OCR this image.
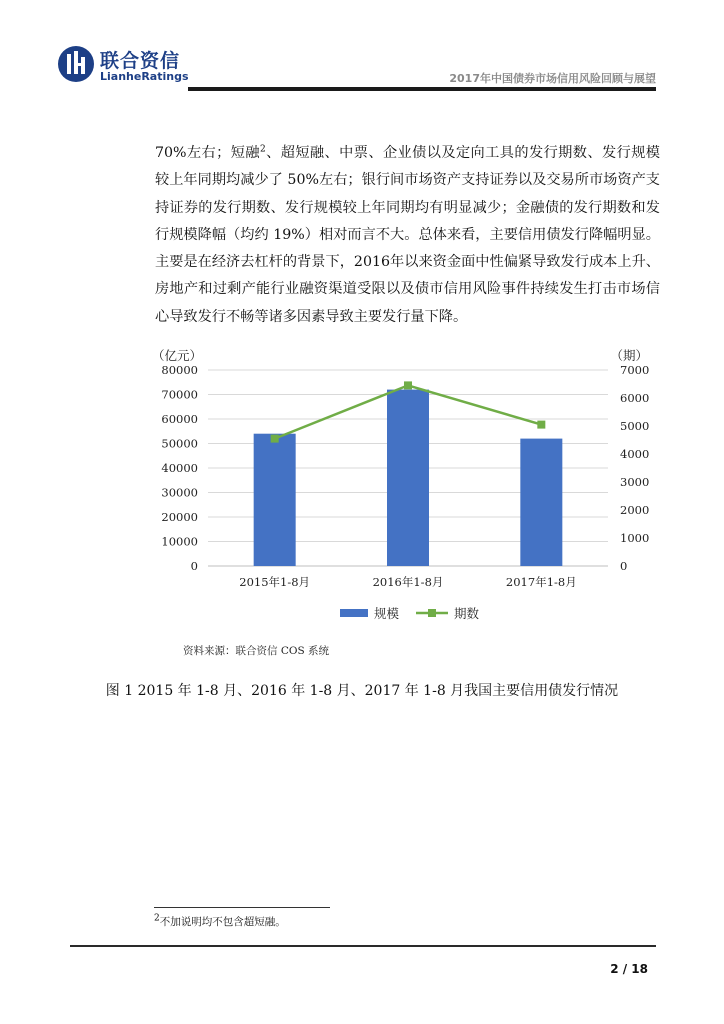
联合资信
LianheRatings	2017年中国债券市场信用风险回顾与展望

70%左右；短融$^2$、超短融、中票、企业债以及定向工具的发行期数、发行规模较上年同期均减少了 50%左右；银行间市场资产支持证券以及交易所市场资产支持证券的发行期数、发行规模较上年同期均有明显减少；金融债的发行期数和发行规模降幅（均约 19%）相对而言不大。总体来看，主要信用债发行降幅明显。主要是在经济去杠杆的背景下，2016年以来资金面中性偏紧导致发行成本上升、房地产和过剩产能行业融资渠道受限以及债市信用风险事件持续发生打击市场信心导致发行不畅等诸多因素导致主要发行量下降。

80000
70000
60000
50000
40000
30000
20000
10000
0
7000
6000
5000
4000
3000
2000
1000
0
（亿元）	（期）
2015年1-8月	2016年1-8月	2017年1-8月
规模	期数
资料来源：联合资信 COS 系统
图 1 2015 年 1-8 月、2016 年 1-8 月、2017 年 1-8 月我国主要信用债发行情况
$^2$不加说明均不包含超短融。
2 / 18
